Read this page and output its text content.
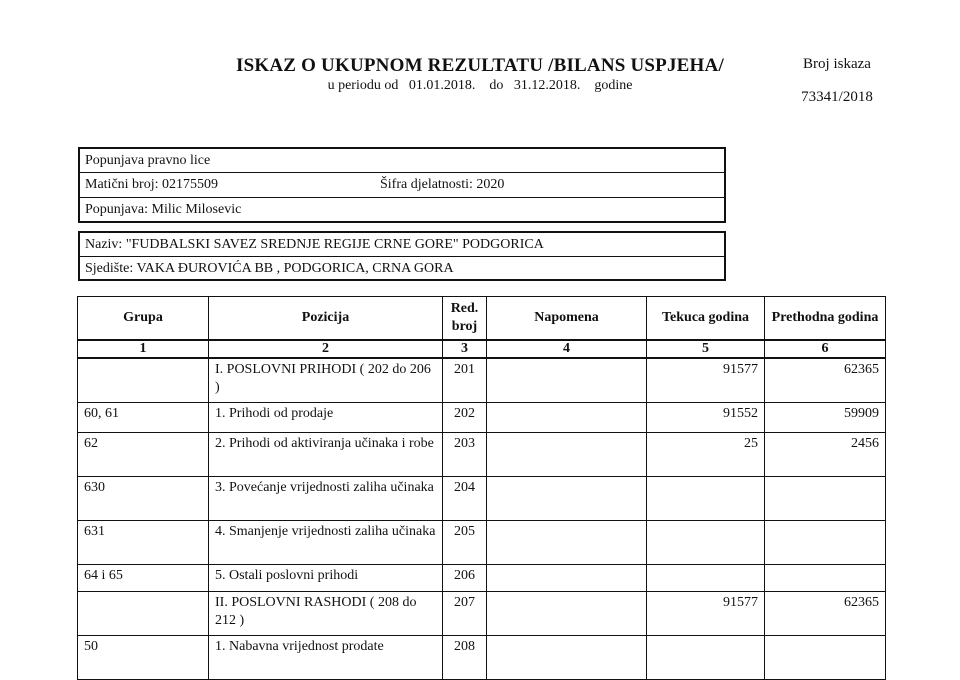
ISKAZ O UKUPNOM REZULTATU /BILANS USPJEHA/
u periodu od 01.01.2018. do 31.12.2018. godine
Broj iskaza
73341/2018
Popunjava pravno lice
Matični broj: 02175509	Šifra djelatnosti: 2020
Popunjava: Milic Milosevic
Naziv: "FUDBALSKI SAVEZ SREDNJE REGIJE CRNE GORE" PODGORICA
Sjedište: VAKA ĐUROVIĆA BB , PODGORICA, CRNA GORA
Grupa	Pozicija	Red. broj	Napomena	Tekuca godina	Prethodna godina
1	2	3	4	5	6
	I. POSLOVNI PRIHODI ( 202 do 206 )	201		91577	62365
60, 61	1. Prihodi od prodaje	202		91552	59909
62	2. Prihodi od aktiviranja učinaka i robe	203		25	2456
630	3. Povećanje vrijednosti zaliha učinaka	204			
631	4. Smanjenje vrijednosti zaliha učinaka	205			
64 i 65	5. Ostali poslovni prihodi	206			
	II. POSLOVNI RASHODI ( 208 do 212 )	207		91577	62365
50	1. Nabavna vrijednost prodate	208			
